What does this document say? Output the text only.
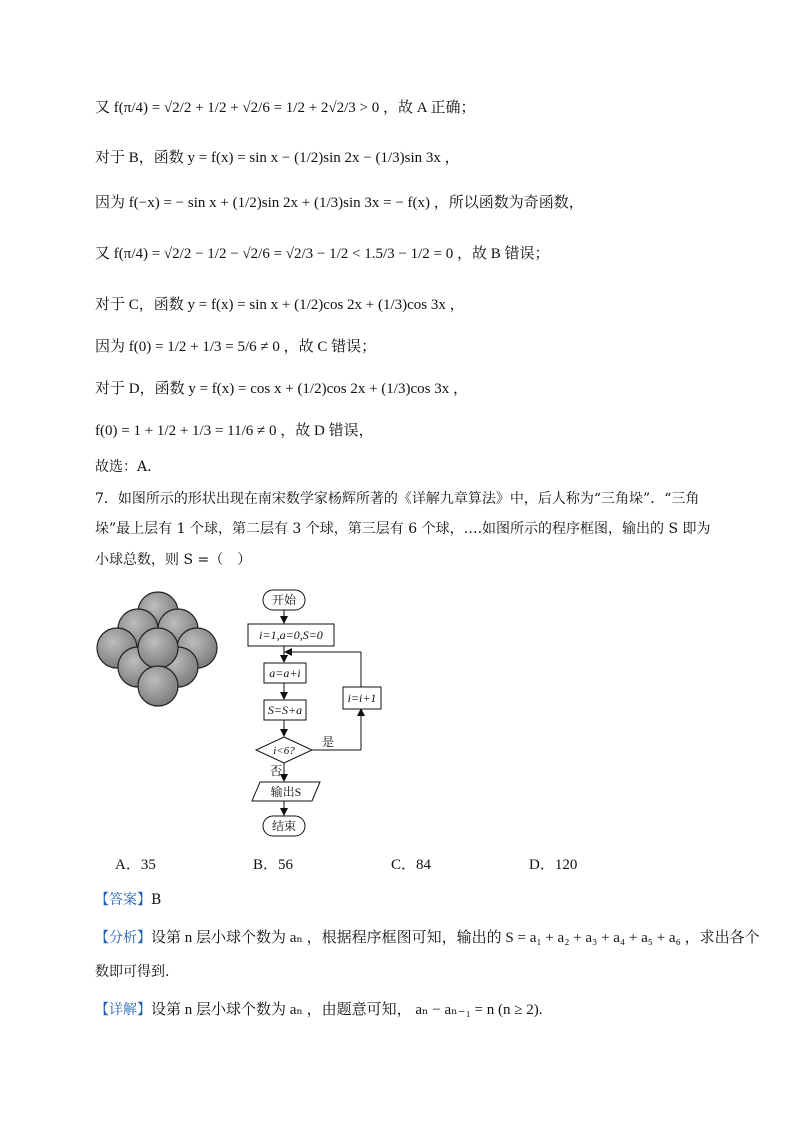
又 f(π/4) = √2/2 + 1/2 + √2/6 = 1/2 + 2√2/3 > 0 ，故 A 正确；
对于 B，函数 y = f(x) = sin x − (1/2)sin 2x − (1/3)sin 3x ，
因为 f(−x) = − sin x + (1/2)sin 2x + (1/3)sin 3x = − f(x) ，所以函数为奇函数，
又 f(π/4) = √2/2 − 1/2 − √2/6 = √2/3 − 1/2 < 1.5/3 − 1/2 = 0 ，故 B 错误；
对于 C，函数 y = f(x) = sin x + (1/2)cos 2x + (1/3)cos 3x ，
因为 f(0) = 1/2 + 1/3 = 5/6 ≠ 0 ，故 C 错误；
对于 D，函数 y = f(x) = cos x + (1/2)cos 2x + (1/3)cos 3x ，
f(0) = 1 + 1/2 + 1/3 = 11/6 ≠ 0 ，故 D 错误，
故选：A．
7．如图所示的形状出现在南宋数学家杨辉所著的《详解九章算法》中，后人称为“三角垛”．“三角
垛”最上层有 1 个球，第二层有 3 个球，第三层有 6 个球，….如图所示的程序框图，输出的 S 即为
小球总数，则 S =（　）
开始
i=1,a=0,S=0
a=a+i
S=S+a
i<6?
是
否
i=i+1
输出S
结束
A．35	B．56	C．84	D．120
【答案】B
【分析】设第 n 层小球个数为 aₙ ，根据程序框图可知，输出的 S = a₁ + a₂ + a₃ + a₄ + a₅ + a₆ ，求出各个
数即可得到.
【详解】设第 n 层小球个数为 aₙ ，由题意可知， aₙ − aₙ₋₁ = n (n ≥ 2).
